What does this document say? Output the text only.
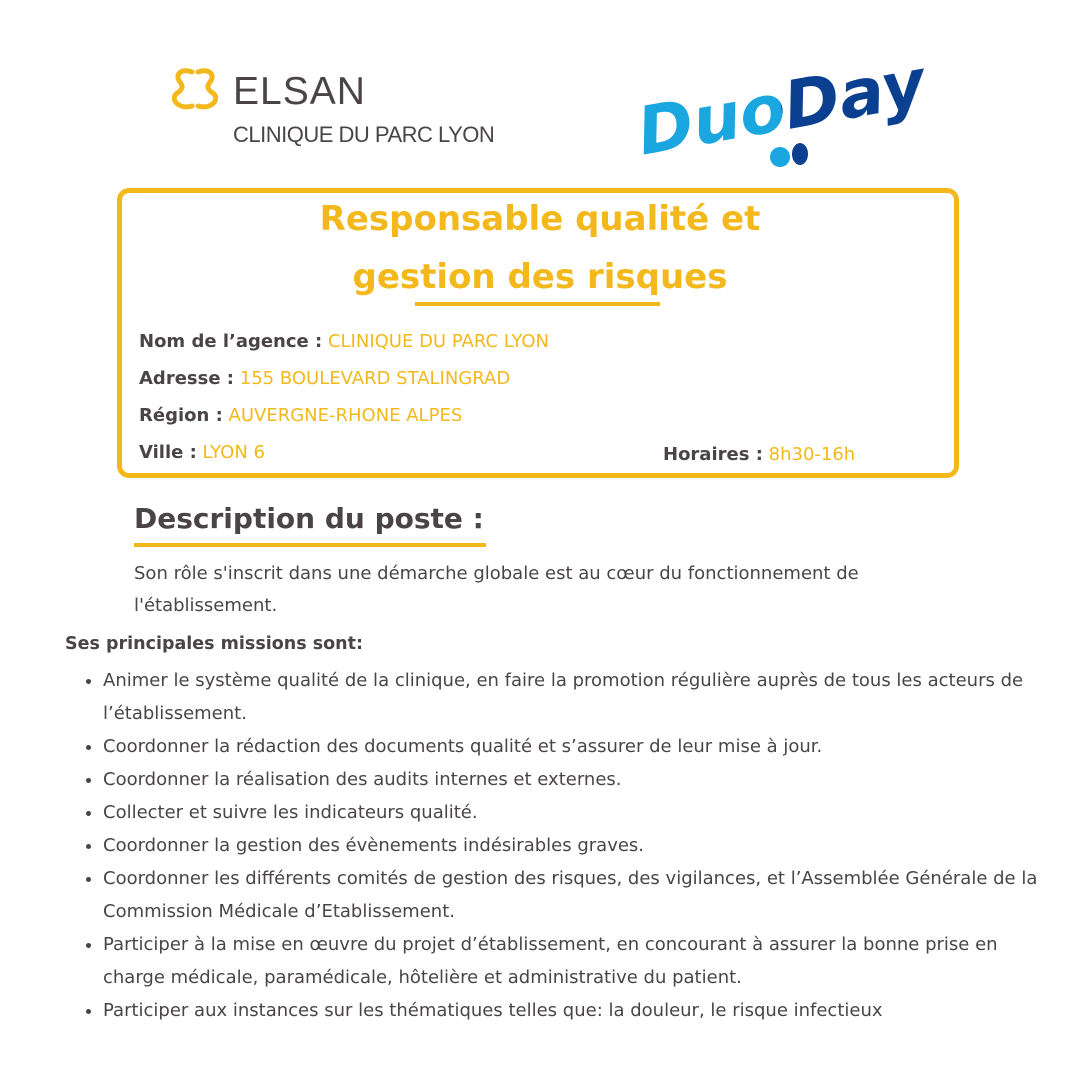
ELSAN
CLINIQUE DU PARC LYON DuoDay
Responsable qualité et
gestion des risques
Nom de l’agence : CLINIQUE DU PARC LYON
Adresse : 155 BOULEVARD STALINGRAD
Région : AUVERGNE-RHONE ALPES
Ville : LYON 6	Horaires : 8h30-16h
Description du poste :
Son rôle s'inscrit dans une démarche globale est au cœur du fonctionnement de l'établissement.
Ses principales missions sont:
• Animer le système qualité de la clinique, en faire la promotion régulière auprès de tous les acteurs de l’établissement.
• Coordonner la rédaction des documents qualité et s’assurer de leur mise à jour.
• Coordonner la réalisation des audits internes et externes.
• Collecter et suivre les indicateurs qualité.
• Coordonner la gestion des évènements indésirables graves.
• Coordonner les différents comités de gestion des risques, des vigilances, et l’Assemblée Générale de la Commission Médicale d’Etablissement.
• Participer à la mise en œuvre du projet d’établissement, en concourant à assurer la bonne prise en charge médicale, paramédicale, hôtelière et administrative du patient.
• Participer aux instances sur les thématiques telles que: la douleur, le risque infectieux
